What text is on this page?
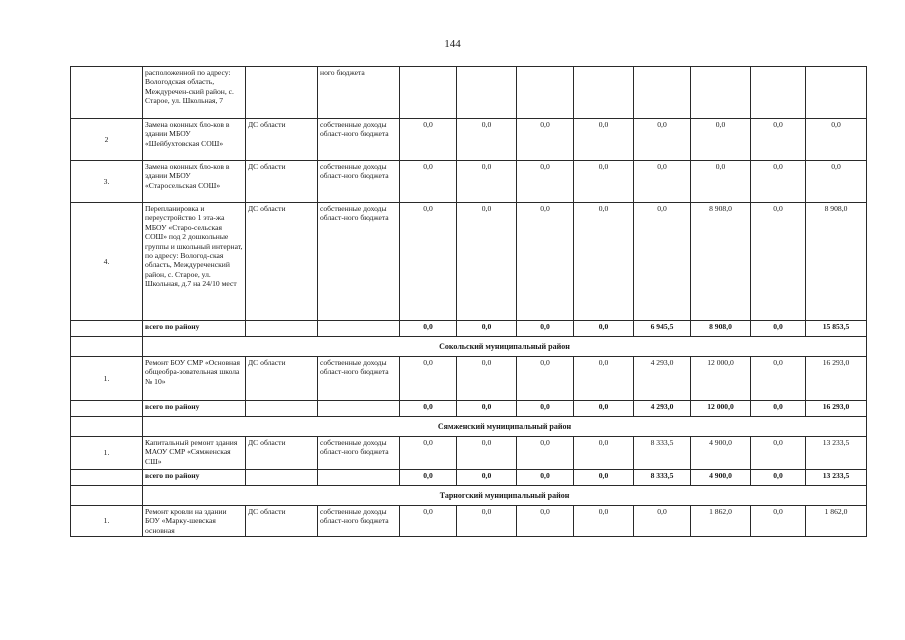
144
	расположенной по адресу: Вологодская область, Междуречен-ский район, с. Старое, ул. Школьная, 7		ного бюджета								
2	Замена оконных бло-ков в здании МБОУ «Шейбухтовская СОШ»	ДС области	собственные доходы област-ного бюджета	0,0	0,0	0,0	0,0	0,0	0,0	0,0	0,0
3.	Замена оконных бло-ков в здании МБОУ «Старосельская СОШ»	ДС области	собственные доходы област-ного бюджета	0,0	0,0	0,0	0,0	0,0	0,0	0,0	0,0
4.	Перепланировка и переустройство 1 эта-жа МБОУ «Старо-сельская СОШ» под 2 дошкольные группы и школьный интернат, по адресу: Вологод-ская область, Междуреченский район, с. Старое, ул. Школьная, д.7 на 24/10 мест	ДС области	собственные доходы област-ного бюджета	0,0	0,0	0,0	0,0	0,0	8 908,0	0,0	8 908,0
	всего по району			0,0	0,0	0,0	0,0	6 945,5	8 908,0	0,0	15 853,5
	Сокольский муниципальный район										
1.	Ремонт БОУ СМР «Основная общеобра-зовательная школа № 10»	ДС области	собственные доходы област-ного бюджета	0,0	0,0	0,0	0,0	4 293,0	12 000,0	0,0	16 293,0
	всего по району			0,0	0,0	0,0	0,0	4 293,0	12 000,0	0,0	16 293,0
	Сямженский муниципальный район										
1.	Капитальный ремонт здания МАОУ СМР «Сямженская СШ»	ДС области	собственные доходы област-ного бюджета	0,0	0,0	0,0	0,0	8 333,5	4 900,0	0,0	13 233,5
	всего по району			0,0	0,0	0,0	0,0	8 333,5	4 900,0	0,0	13 233,5
	Тарногский муниципальный район										
1.	Ремонт кровли на здании БОУ «Марку-шевская основная	ДС области	собственные доходы област-ного бюджета	0,0	0,0	0,0	0,0	0,0	1 862,0	0,0	1 862,0
